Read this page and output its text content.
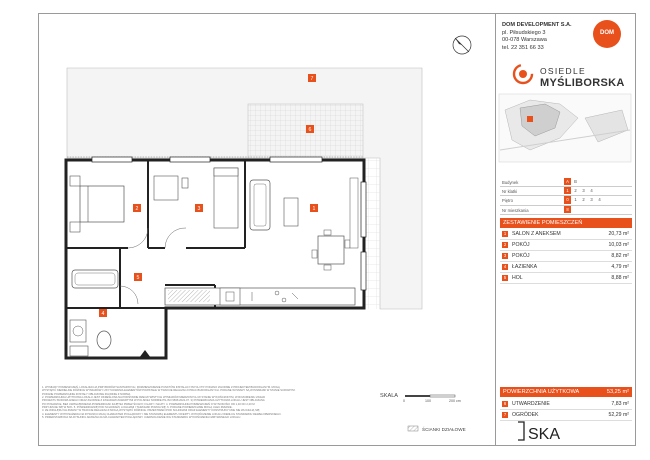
2	3	1
5
4
6
7
SKA
1. WYMIARY POMIESZCZEŃ, LOKALIZACJA PRZYBORÓW SANITARNYCH, ROZMIESZCZENIE PUNKTÓW INSTALACYJNYCH ITP. PODANO ZGODNIE Z PROJEKTEM BUDOWLANYM. MOGĄ
WYSTĄPIĆ NIEWIELKIE RÓŻNICE WYMIARÓW I USYTUOWANIA ELEMENTÓW POWSTAŁE W TRAKCIE REALIZACJI PRAC BUDOWLANYCH. PODANE WYMIARY SĄ WYMIARAMI W STANIE SUROWYM.
PODANE POWIERZCHNIE ZOSTAŁY OBLICZONE ZGODNIE Z NORMĄ.
2. POWIERZCHNIA UŻYTKOWA LOKALU JEST OKREŚLONA NA PODSTAWIE RZECZYWISTYCH WYMIARÓW MIERZONYCH W STANIE WYKOŃCZONYM, W ROZUMIENIU ZASAD
PROJEKTU BUDOWLANEGO ORAZ ZGODNIE Z ZASADAMI ZAWARTYMI W POLSKIEJ NORMIE PN-ISO 9836:2022-07. 3) POWIERZCHNIA UŻYTKOWA LOKALU JEST OBLICZANA
PO POSADZCE, BEZ UWZGLĘDNIENIA POWIERZCHNI ZAJĘTEJ PRZEZ ŚCIANY, FILARY I SŁUPY. 4. POWIERZCHNIA POMIESZCZEŃ O WYSOKOŚCI OD 1,40 DO 2,20 M
PRZYJMUJE SIĘ W 50%. 5. POWIERZCHNIĘ POD SCHODAMI, LOGGIAMI I TARASAMI POMIJA SIĘ. 6. PODANE POWIERZCHNIE MOGĄ ULEC ZMIANIE.
3. ZE WZGLĘDU NA ZMIANY W TRAKCIE REALIZACJI MOGĄ WYSTĄPIĆ RÓŻNICE. PRZESTRZEŃ POD SCHODAMI ORAZ ELEMENTY KONSTRUKCYJNE NIE WLICZAJĄ SIĘ.
4. ELEMENTY WYPOSAŻENIA NA RYSUNKU MAJĄ CHARAKTER POGLĄDOWY I NIE STANOWIĄ ELEMENTU OFERTY. WYKOŃCZENIE LOKALU WEDŁUG STANDARDU DEWELOPERSKIEGO.
5. PRZEDSTAWIONA NA RYSUNKU ARANŻACJA MA CHARAKTER POGLĄDOWY. UJEDNOLICENIE WG STANDARDU WYKOŃCZENIA NABYWANEGO LOKALU.
SKALA
0	100	200 cm
ŚCIANKI DZIAŁOWE
DOM DEVELOPMENT S.A.
pl. Piłsudskiego 3
00-078 Warszawa
tel. 22 351 66 33
DOM
OSIEDLE
MYŚLIBORSKA
Budynek	A	B
Nr klatki	1	2	3	4
Piętro	0	1	2	3	4
Nr mieszkania	8
ZESTAWIENIE POMIESZCZEŃ
1	SALON Z ANEKSEM	20,73 m²
2	POKÓJ	10,03 m²
3	POKÓJ	8,82 m²
4	ŁAZIENKA	4,79 m²
5	HOL	8,88 m²
POWIERZCHNIA UŻYTKOWA	53,25 m²
6	UTWARDZENIE	7,83 m²
7	OGRÓDEK	52,29 m²
